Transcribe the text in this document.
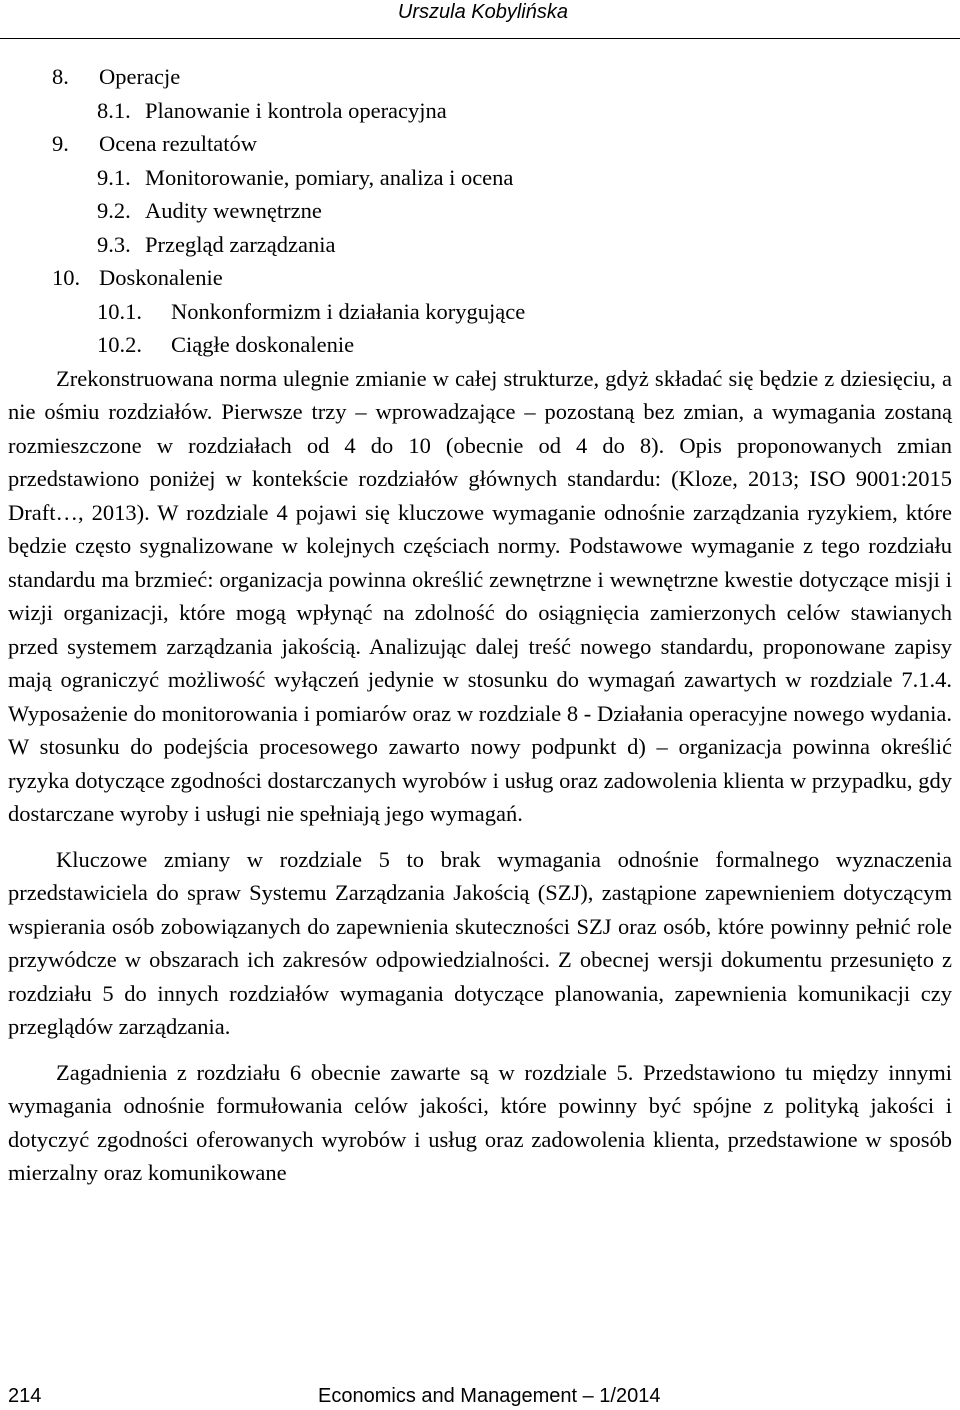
Urszula Kobylińska
8. Operacje
8.1. Planowanie i kontrola operacyjna
9. Ocena rezultatów
9.1. Monitorowanie, pomiary, analiza i ocena
9.2. Audity wewnętrzne
9.3. Przegląd zarządzania
10. Doskonalenie
10.1. Nonkonformizm i działania korygujące
10.2. Ciągłe doskonalenie

Zrekonstruowana norma ulegnie zmianie w całej strukturze, gdyż składać się będzie z dziesięciu, a nie ośmiu rozdziałów. Pierwsze trzy – wprowadzające – pozostaną bez zmian, a wymagania zostaną rozmieszczone w rozdziałach od 4 do 10 (obecnie od 4 do 8). Opis proponowanych zmian przedstawiono poniżej w kontekście rozdziałów głównych standardu: (Kloze, 2013; ISO 9001:2015 Draft…, 2013). W rozdziale 4 pojawi się kluczowe wymaganie odnośnie zarządzania ryzykiem, które będzie często sygnalizowane w kolejnych częściach normy. Podstawowe wymaganie z tego rozdziału standardu ma brzmieć: organizacja powinna określić zewnętrzne i wewnętrzne kwestie dotyczące misji i wizji organizacji, które mogą wpłynąć na zdolność do osiągnięcia zamierzonych celów stawianych przed systemem zarządzania jakością. Analizując dalej treść nowego standardu, proponowane zapisy mają ograniczyć możliwość wyłączeń jedynie w stosunku do wymagań zawartych w rozdziale 7.1.4. Wyposażenie do monitorowania i pomiarów oraz w rozdziale 8 - Działania operacyjne nowego wydania. W stosunku do podejścia procesowego zawarto nowy podpunkt d) – organizacja powinna określić ryzyka dotyczące zgodności dostarczanych wyrobów i usług oraz zadowolenia klienta w przypadku, gdy dostarczane wyroby i usługi nie spełniają jego wymagań.

Kluczowe zmiany w rozdziale 5 to brak wymagania odnośnie formalnego wyznaczenia przedstawiciela do spraw Systemu Zarządzania Jakością (SZJ), zastąpione zapewnieniem dotyczącym wspierania osób zobowiązanych do zapewnienia skuteczności SZJ oraz osób, które powinny pełnić role przywódcze w obszarach ich zakresów odpowiedzialności. Z obecnej wersji dokumentu przesunięto z rozdziału 5 do innych rozdziałów wymagania dotyczące planowania, zapewnienia komunikacji czy przeglądów zarządzania.

Zagadnienia z rozdziału 6 obecnie zawarte są w rozdziale 5. Przedstawiono tu między innymi wymagania odnośnie formułowania celów jakości, które powinny być spójne z polityką jakości i dotyczyć zgodności oferowanych wyrobów i usług oraz zadowolenia klienta, przedstawione w sposób mierzalny oraz komunikowane

214	Economics and Management – 1/2014
